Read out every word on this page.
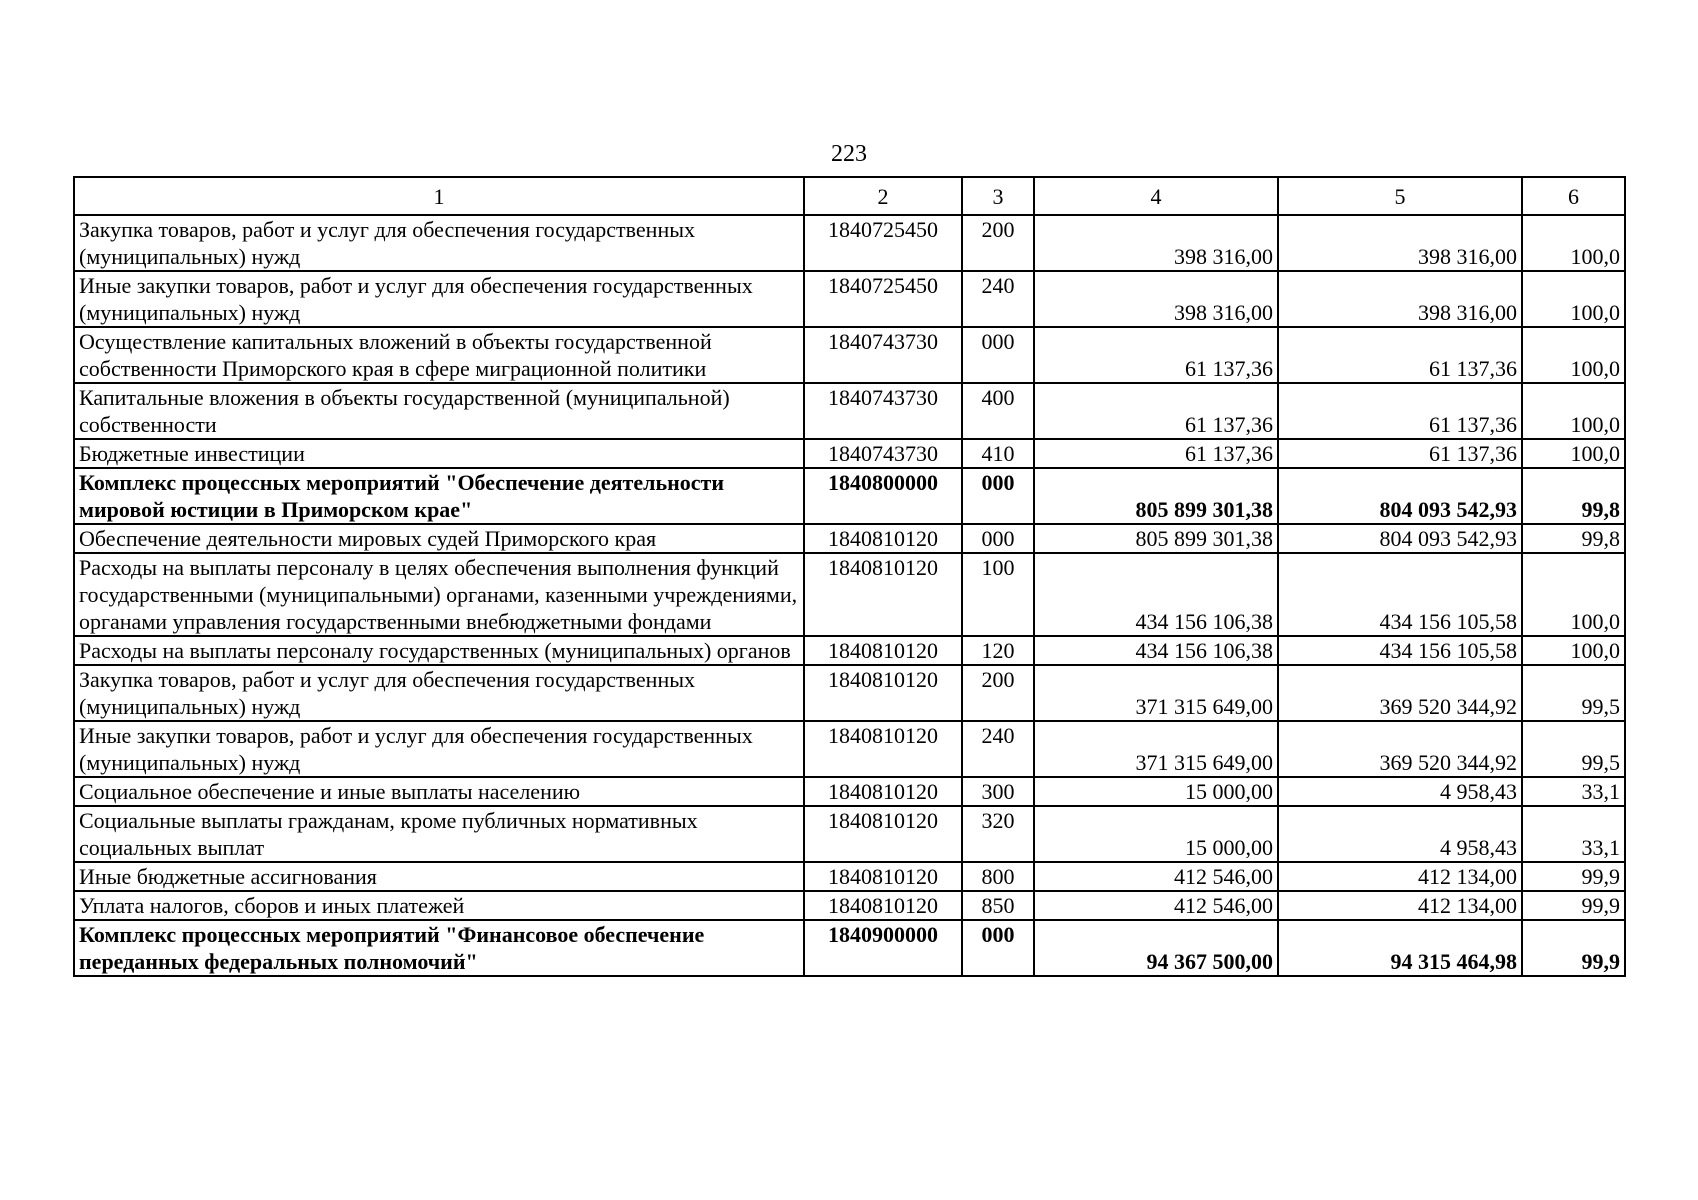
223
1	2	3	4	5	6
Закупка товаров, работ и услуг для обеспечения государственных (муниципальных) нужд	1840725450	200	398 316,00	398 316,00	100,0
Иные закупки товаров, работ и услуг для обеспечения государственных (муниципальных) нужд	1840725450	240	398 316,00	398 316,00	100,0
Осуществление капитальных вложений в объекты государственной собственности Приморского края в сфере миграционной политики	1840743730	000	61 137,36	61 137,36	100,0
Капитальные вложения в объекты государственной (муниципальной) собственности	1840743730	400	61 137,36	61 137,36	100,0
Бюджетные инвестиции	1840743730	410	61 137,36	61 137,36	100,0
Комплекс процессных мероприятий "Обеспечение деятельности мировой юстиции в Приморском крае"	1840800000	000	805 899 301,38	804 093 542,93	99,8
Обеспечение деятельности мировых судей Приморского края	1840810120	000	805 899 301,38	804 093 542,93	99,8
Расходы на выплаты персоналу в целях обеспечения выполнения функций государственными (муниципальными) органами, казенными учреждениями, органами управления государственными внебюджетными фондами	1840810120	100	434 156 106,38	434 156 105,58	100,0
Расходы на выплаты персоналу государственных (муниципальных) органов	1840810120	120	434 156 106,38	434 156 105,58	100,0
Закупка товаров, работ и услуг для обеспечения государственных (муниципальных) нужд	1840810120	200	371 315 649,00	369 520 344,92	99,5
Иные закупки товаров, работ и услуг для обеспечения государственных (муниципальных) нужд	1840810120	240	371 315 649,00	369 520 344,92	99,5
Социальное обеспечение и иные выплаты населению	1840810120	300	15 000,00	4 958,43	33,1
Социальные выплаты гражданам, кроме публичных нормативных социальных выплат	1840810120	320	15 000,00	4 958,43	33,1
Иные бюджетные ассигнования	1840810120	800	412 546,00	412 134,00	99,9
Уплата налогов, сборов и иных платежей	1840810120	850	412 546,00	412 134,00	99,9
Комплекс процессных мероприятий "Финансовое обеспечение переданных федеральных полномочий"	1840900000	000	94 367 500,00	94 315 464,98	99,9
